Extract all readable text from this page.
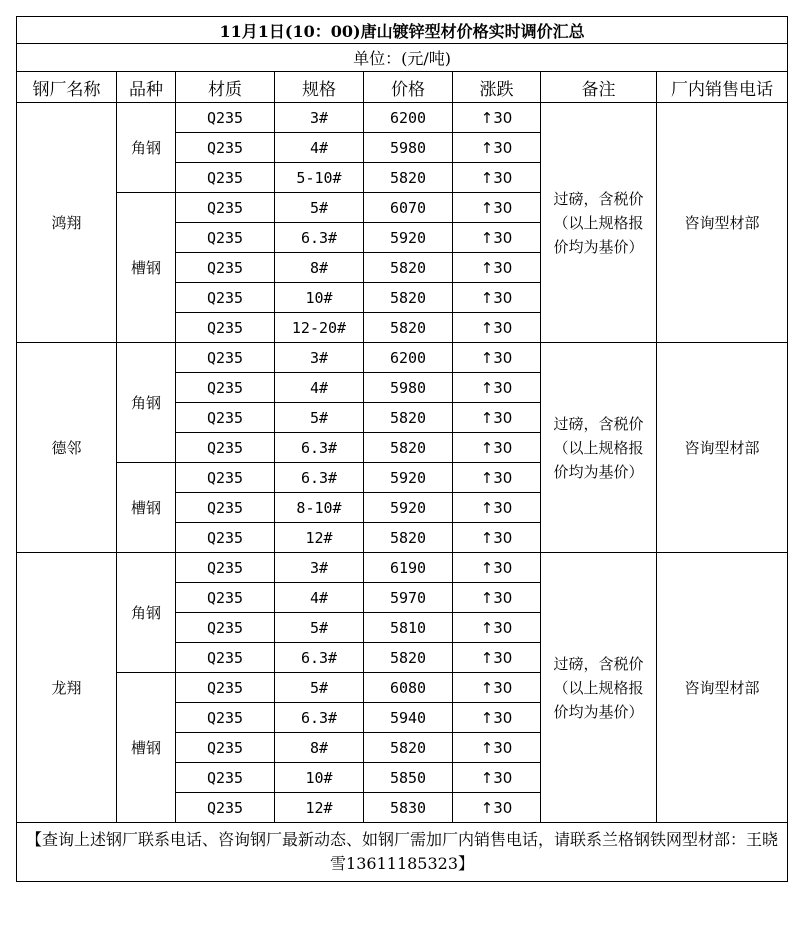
11月1日(10：00)唐山镀锌型材价格实时调价汇总							
单位：(元/吨)							
钢厂名称	品种	材质	规格	价格	涨跌	备注	厂内销售电话
鸿翔	角钢	Q235	3#	6200	↑30	过磅，含税价（以上规格报价均为基价）	咨询型材部
		Q235	4#	5980	↑30		
		Q235	5-10#	5820	↑30		
	槽钢	Q235	5#	6070	↑30		
		Q235	6.3#	5920	↑30		
		Q235	8#	5820	↑30		
		Q235	10#	5820	↑30		
		Q235	12-20#	5820	↑30		
德邻	角钢	Q235	3#	6200	↑30	过磅，含税价（以上规格报价均为基价）	咨询型材部
		Q235	4#	5980	↑30		
		Q235	5#	5820	↑30		
		Q235	6.3#	5820	↑30		
	槽钢	Q235	6.3#	5920	↑30		
		Q235	8-10#	5920	↑30		
		Q235	12#	5820	↑30		
龙翔	角钢	Q235	3#	6190	↑30	过磅，含税价（以上规格报价均为基价）	咨询型材部
		Q235	4#	5970	↑30		
		Q235	5#	5810	↑30		
		Q235	6.3#	5820	↑30		
	槽钢	Q235	5#	6080	↑30		
		Q235	6.3#	5940	↑30		
		Q235	8#	5820	↑30		
		Q235	10#	5850	↑30		
		Q235	12#	5830	↑30		
【查询上述钢厂联系电话、咨询钢厂最新动态、如钢厂需加厂内销售电话，请联系兰格钢铁网型材部：王晓雪13611185323】							
